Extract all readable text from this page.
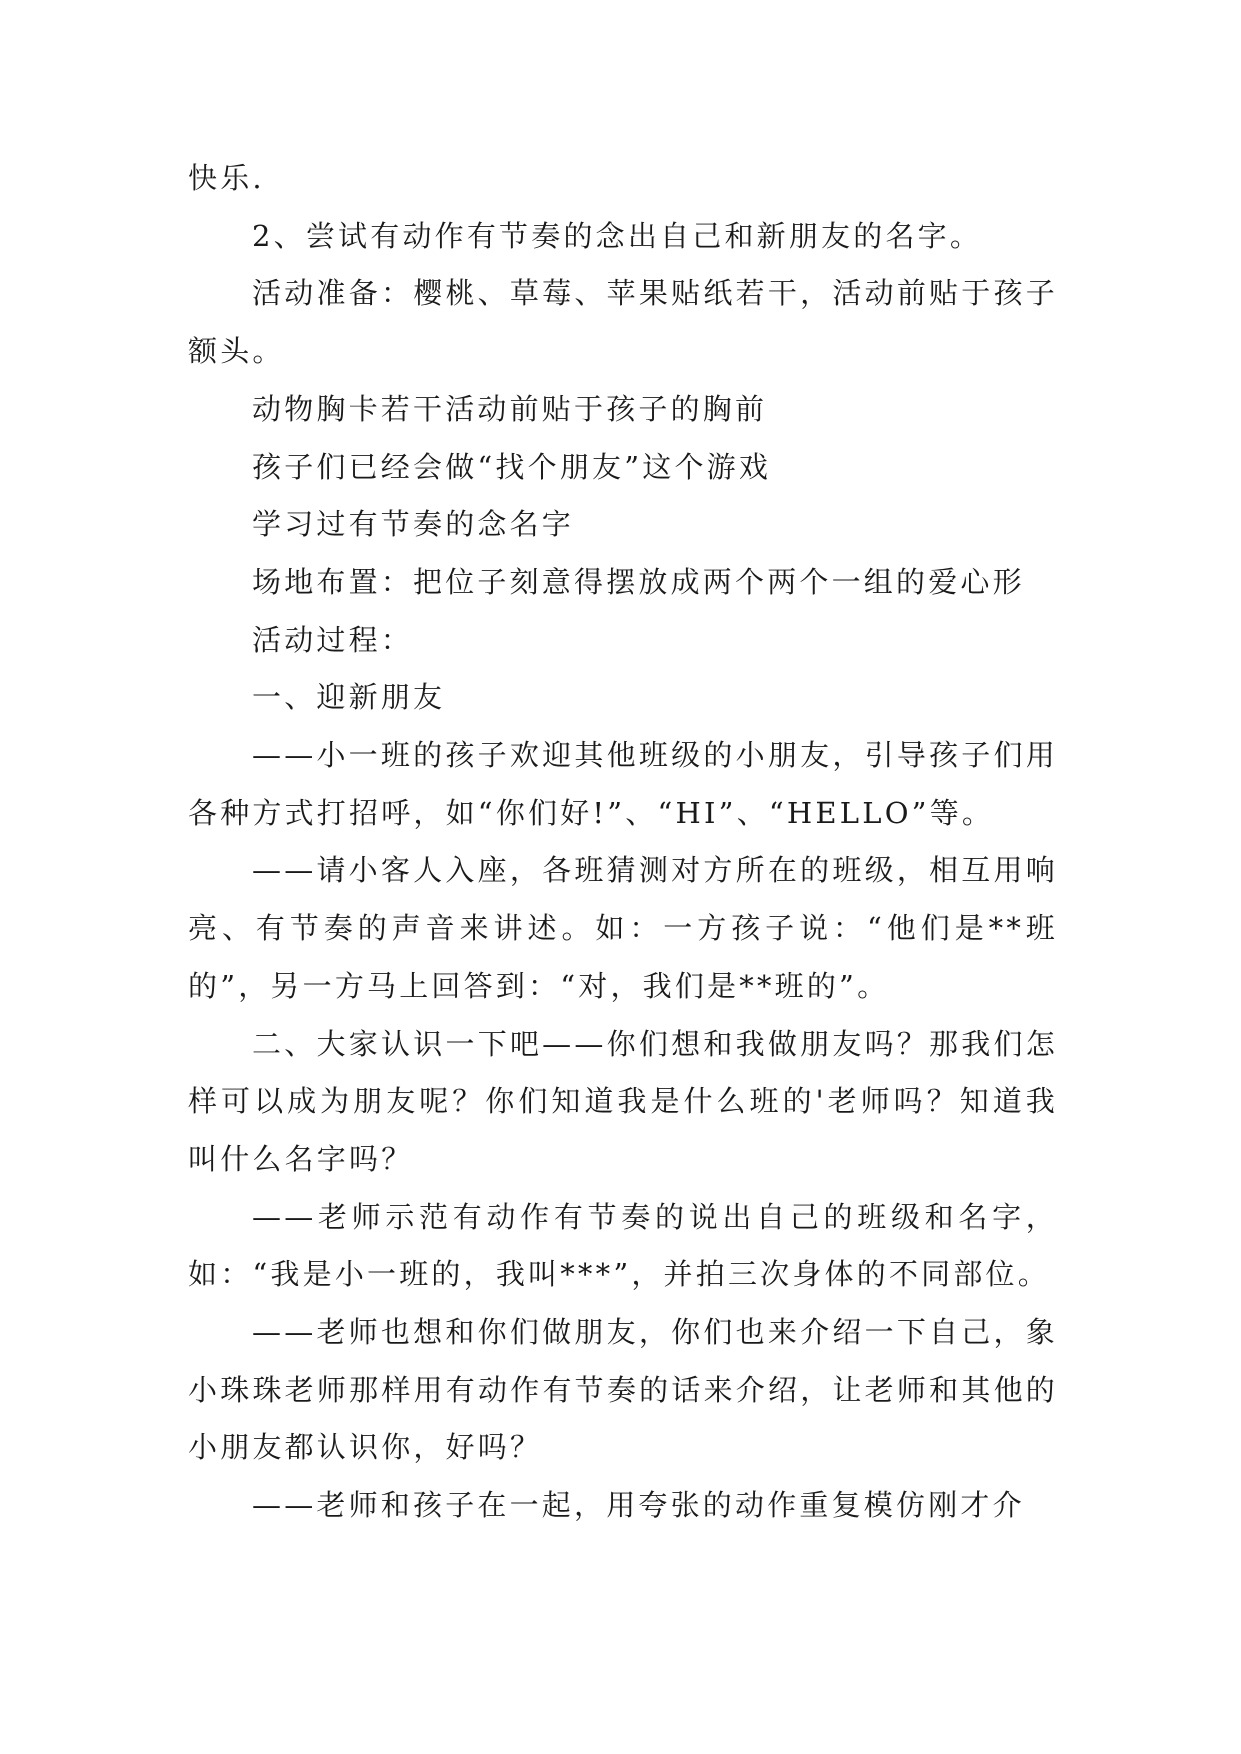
快乐.

2、尝试有动作有节奏的念出自己和新朋友的名字。

活动准备：樱桃、草莓、苹果贴纸若干，活动前贴于孩子额头。

动物胸卡若干活动前贴于孩子的胸前

孩子们已经会做“找个朋友”这个游戏

学习过有节奏的念名字

场地布置：把位子刻意得摆放成两个两个一组的爱心形

活动过程：

一、迎新朋友

——小一班的孩子欢迎其他班级的小朋友，引导孩子们用各种方式打招呼，如“你们好!”、“HI”、“HELLO”等。

——请小客人入座，各班猜测对方所在的班级，相互用响亮、有节奏的声音来讲述。如：一方孩子说：“他们是**班的”，另一方马上回答到：“对，我们是**班的”。

二、大家认识一下吧——你们想和我做朋友吗？那我们怎样可以成为朋友呢？你们知道我是什么班的'老师吗？知道我叫什么名字吗？

——老师示范有动作有节奏的说出自己的班级和名字，如：“我是小一班的，我叫***”，并拍三次身体的不同部位。

——老师也想和你们做朋友，你们也来介绍一下自己，象小珠珠老师那样用有动作有节奏的话来介绍，让老师和其他的小朋友都认识你，好吗？

——老师和孩子在一起，用夸张的动作重复模仿刚才介
